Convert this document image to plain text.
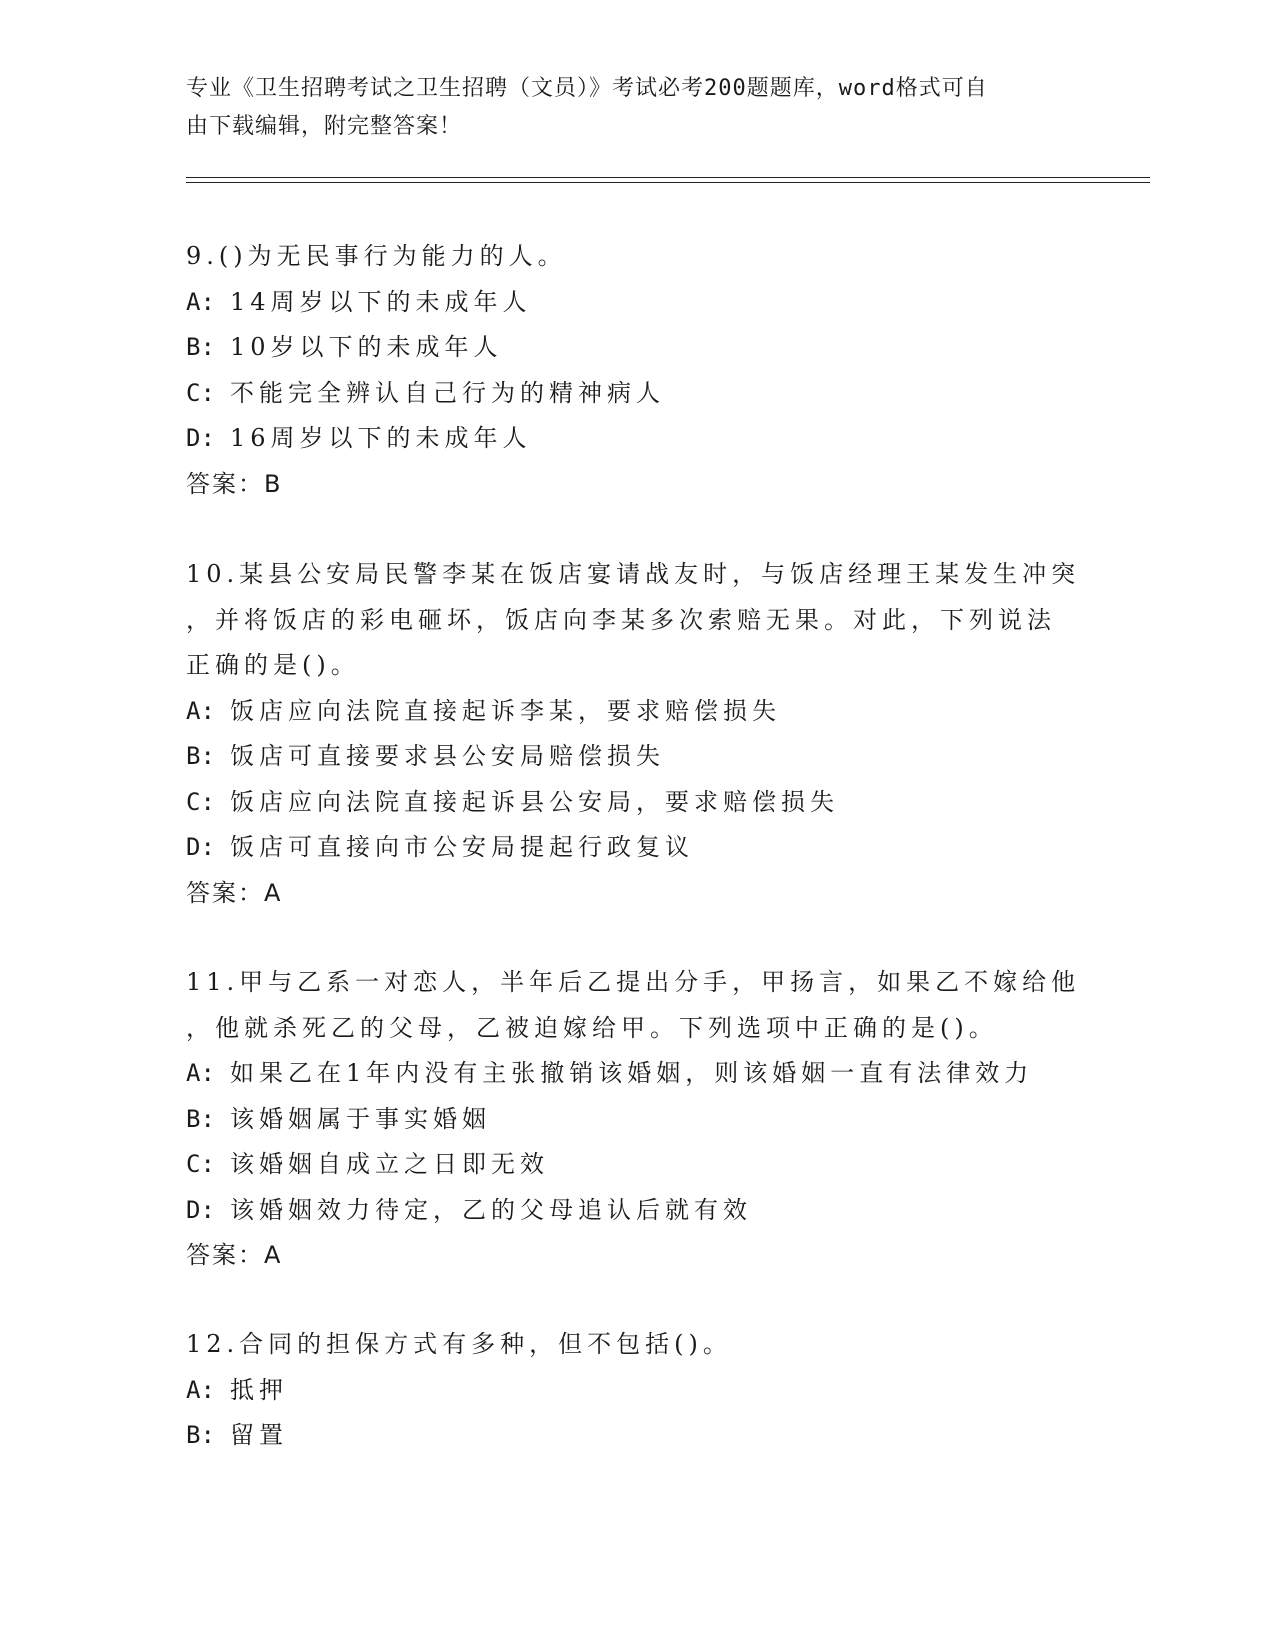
专业《卫生招聘考试之卫生招聘（文员）》考试必考200题题库，word格式可自
由下载编辑，附完整答案！
9.()为无民事行为能力的人。
A: 14周岁以下的未成年人
B: 10岁以下的未成年人
C: 不能完全辨认自己行为的精神病人
D: 16周岁以下的未成年人
答案：B
10.某县公安局民警李某在饭店宴请战友时，与饭店经理王某发生冲突
，并将饭店的彩电砸坏，饭店向李某多次索赔无果。对此，下列说法
正确的是()。
A: 饭店应向法院直接起诉李某，要求赔偿损失
B: 饭店可直接要求县公安局赔偿损失
C: 饭店应向法院直接起诉县公安局，要求赔偿损失
D: 饭店可直接向市公安局提起行政复议
答案：A
11.甲与乙系一对恋人，半年后乙提出分手，甲扬言，如果乙不嫁给他
，他就杀死乙的父母，乙被迫嫁给甲。下列选项中正确的是()。
A: 如果乙在1年内没有主张撤销该婚姻，则该婚姻一直有法律效力
B: 该婚姻属于事实婚姻
C: 该婚姻自成立之日即无效
D: 该婚姻效力待定，乙的父母追认后就有效
答案：A
12.合同的担保方式有多种，但不包括()。
A: 抵押
B: 留置
